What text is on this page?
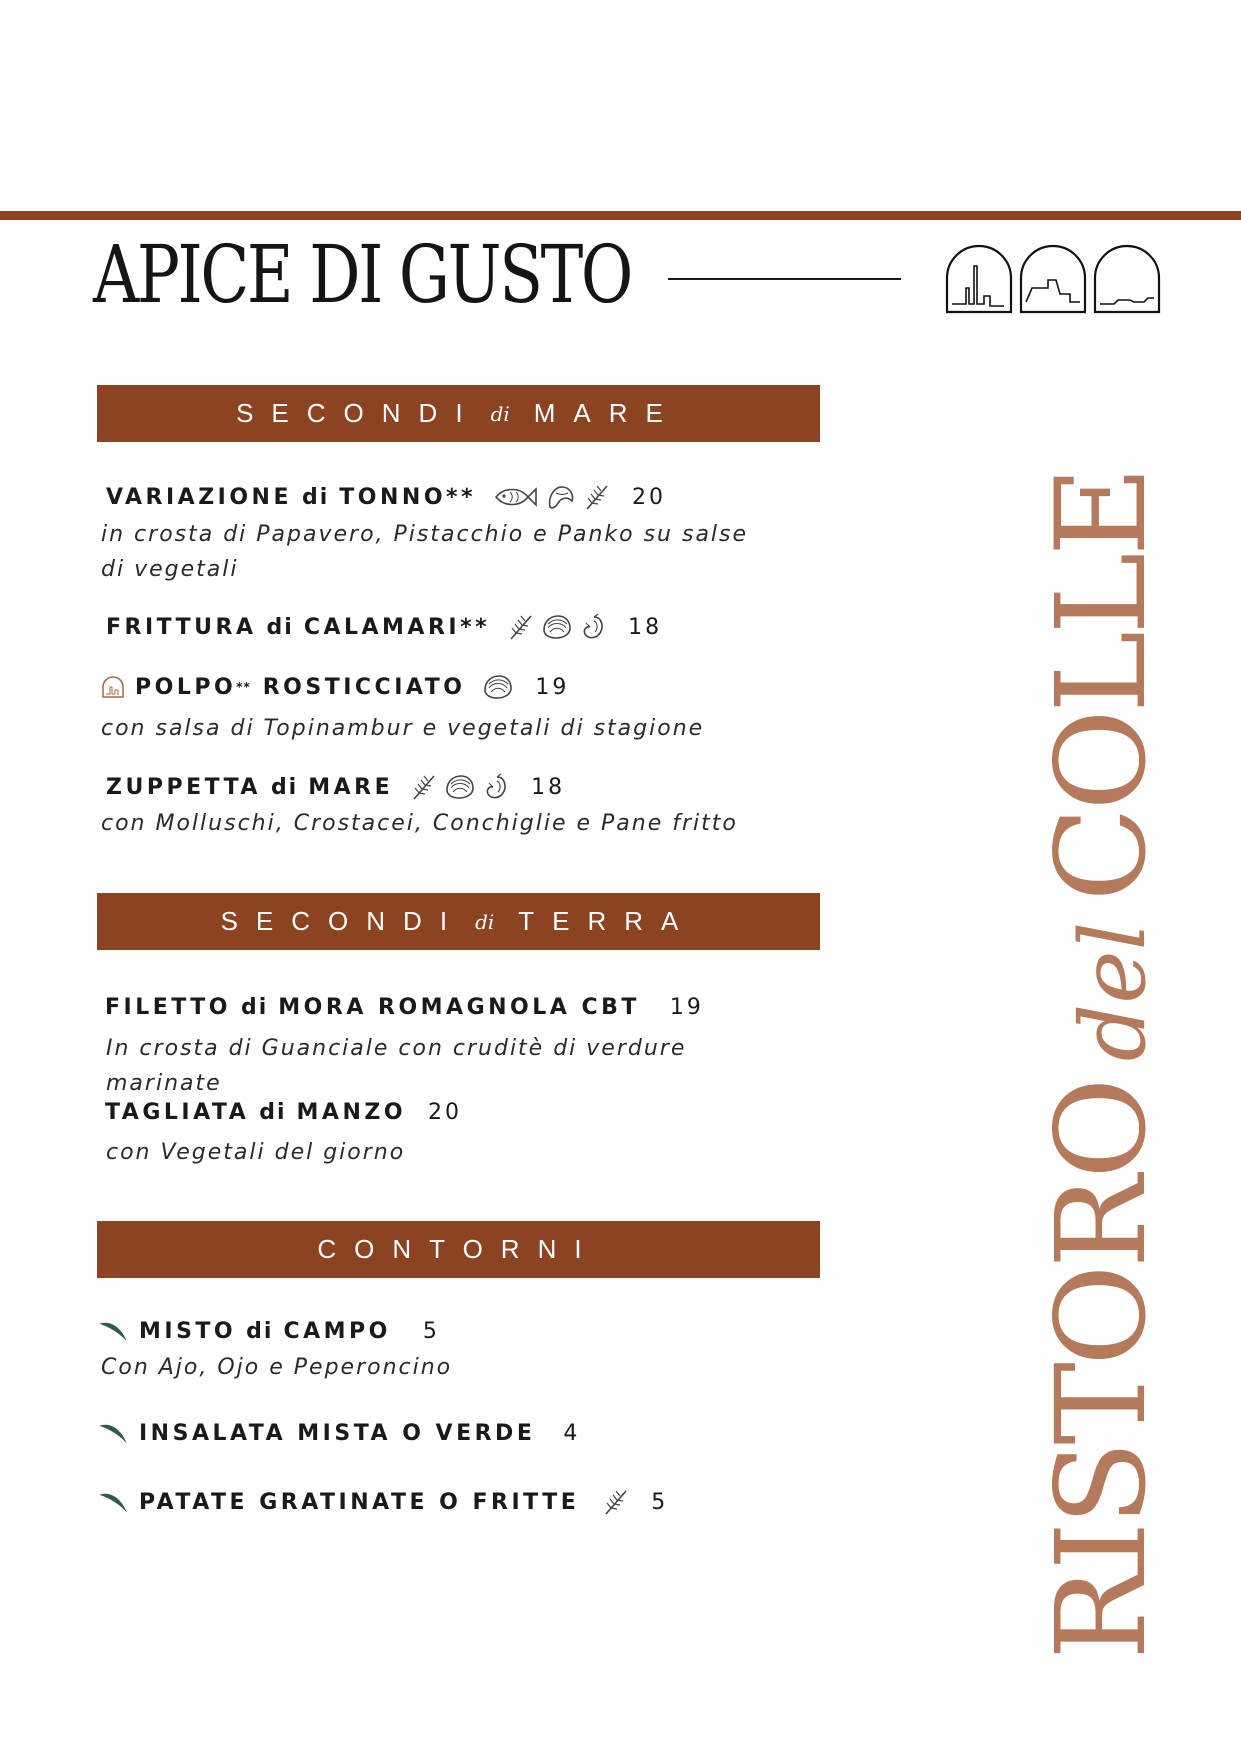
APICE DI GUSTO
SECONDI di MARE
VARIAZIONE di TONNO**	20
in crosta di Papavero, Pistacchio e Panko su salse di vegetali
FRITTURA di CALAMARI**	18
POLPO ** ROSTICCIATO	19
con salsa di Topinambur e vegetali di stagione
ZUPPETTA di MARE	18
con Molluschi, Crostacei, Conchiglie e Pane fritto
SECONDI di TERRA
FILETTO di MORA ROMAGNOLA CBT 19
In crosta di Guanciale con cruditè di verdure marinate
TAGLIATA di MANZO 20
con Vegetali del giorno
CONTORNI
MISTO di CAMPO 5
Con Ajo, Ojo e Peperoncino
INSALATA MISTA O VERDE 4
PATATE GRATINATE O FRITTE	5	RISTOROdelCOLLE
